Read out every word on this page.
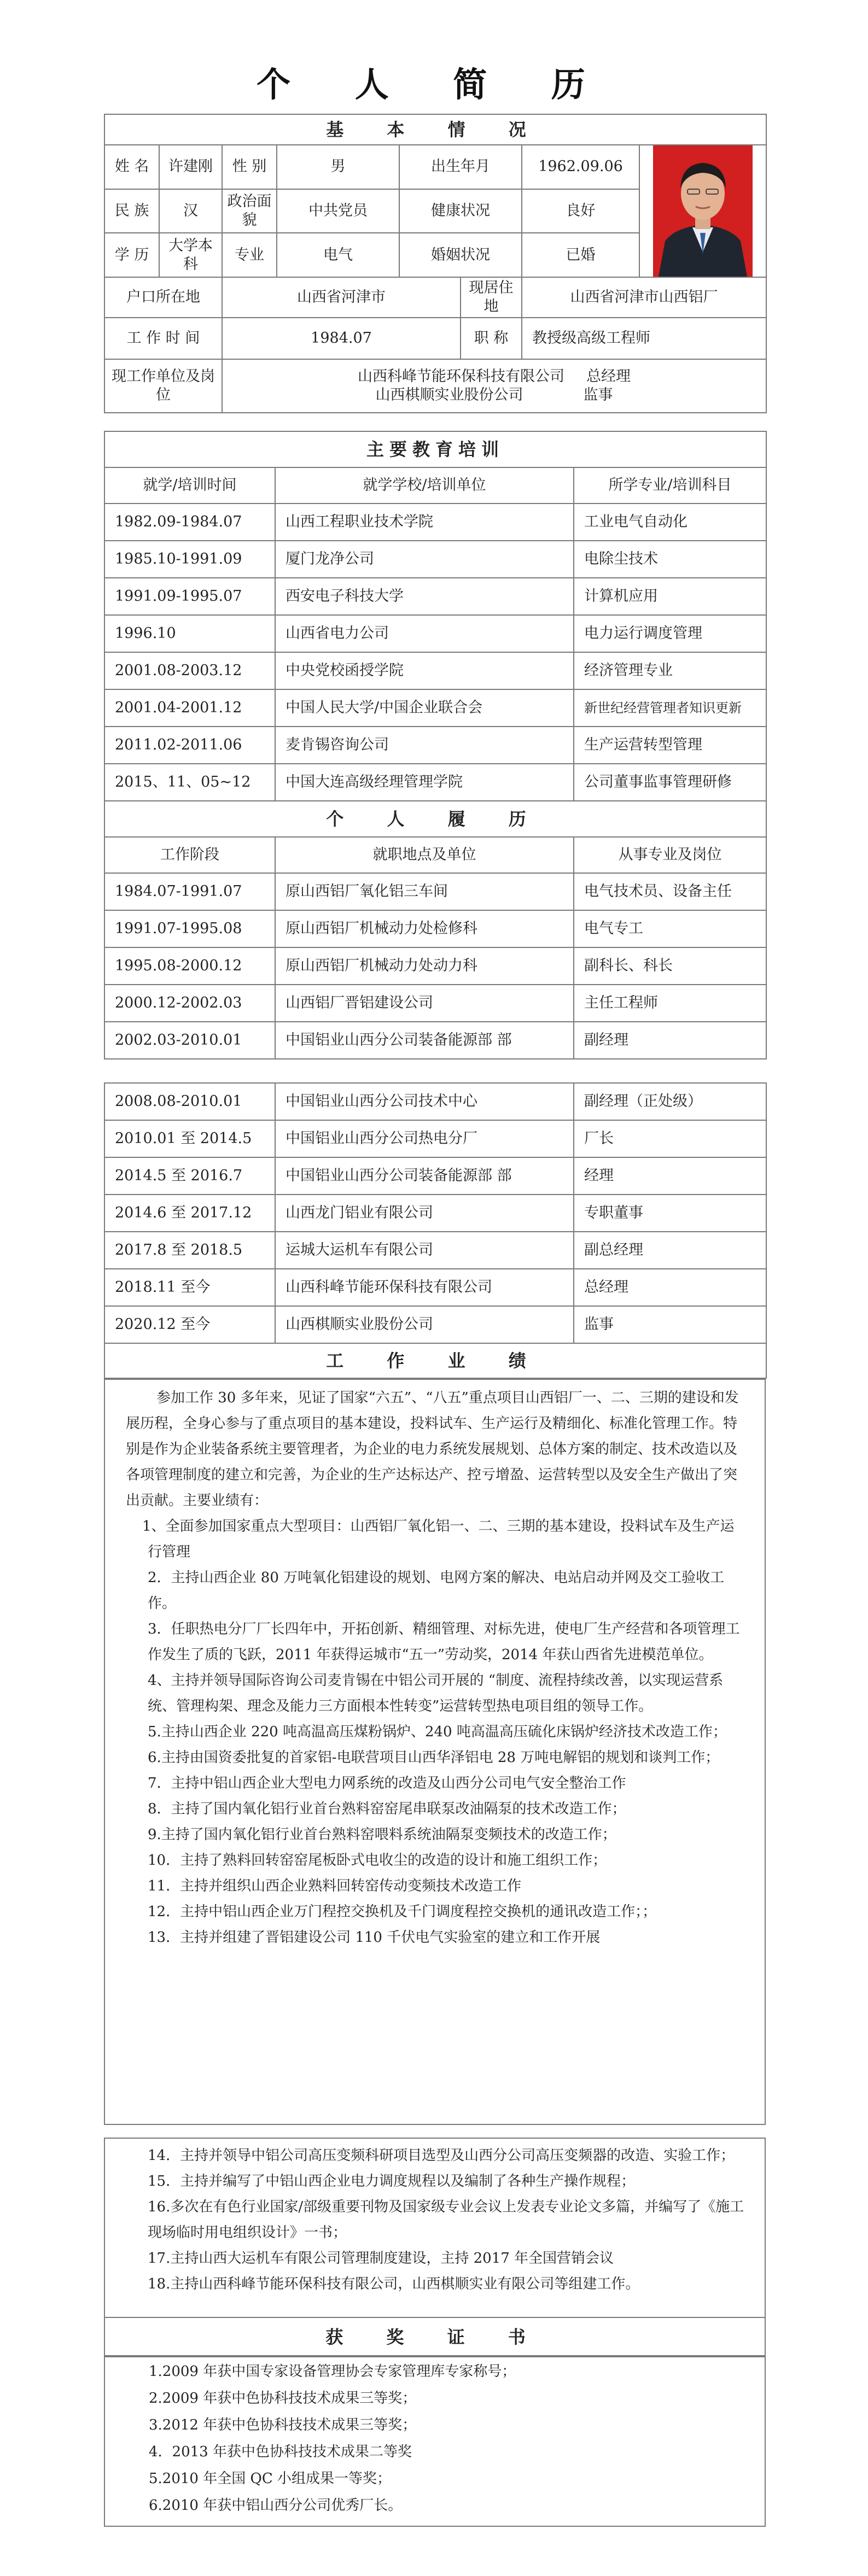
个 人 简 历
基 本 情 况							
姓 名	许建刚	性 别	男	出生年月		1962.09.06	

民 族	汉	政治面貌	中共党员	健康状况		良好	
学 历	大学本科	专业	电气	婚姻状况		已婚	
户口所在地		山西省河津市			现居住地	山西省河津市山西铝厂	
工 作 时 间		1984.07			职 称	教授级高级工程师	
现工作单位及岗位		山西科峰节能环保科技有限公司 总经理
山西棋顺实业股份公司 监事					
主要教育培训		
就学/培训时间	就学学校/培训单位	所学专业/培训科目
1982.09-1984.07	山西工程职业技术学院	工业电气自动化
1985.10-1991.09	厦门龙净公司	电除尘技术
1991.09-1995.07	西安电子科技大学	计算机应用
1996.10	山西省电力公司	电力运行调度管理
2001.08-2003.12	中央党校函授学院	经济管理专业
2001.04-2001.12	中国人民大学/中国企业联合会	新世纪经营管理者知识更新
2011.02-2011.06	麦肯锡咨询公司	生产运营转型管理
2015、11、05~12	中国大连高级经理管理学院	公司董事监事管理研修
个 人 履 历		
工作阶段	就职地点及单位	从事专业及岗位
1984.07-1991.07	原山西铝厂氧化铝三车间	电气技术员、设备主任
1991.07-1995.08	原山西铝厂机械动力处检修科	电气专工
1995.08-2000.12	原山西铝厂机械动力处动力科	副科长、科长
2000.12-2002.03	山西铝厂晋铝建设公司	主任工程师
2002.03-2010.01	中国铝业山西分公司装备能源部 部	副经理
2008.08-2010.01	中国铝业山西分公司技术中心	副经理（正处级）
2010.01 至 2014.5	中国铝业山西分公司热电分厂	厂长
2014.5 至 2016.7	中国铝业山西分公司装备能源部 部	经理
2014.6 至 2017.12	山西龙门铝业有限公司	专职董事
2017.8 至 2018.5	运城大运机车有限公司	副总经理
2018.11 至今	山西科峰节能环保科技有限公司	总经理
2020.12 至今	山西棋顺实业股份公司	监事
工 作 业 绩		

参加工作 30 多年来，见证了国家“六五”、“八五”重点项目山西铝厂一、二、三期的建设和发展历程，全身心参与了重点项目的基本建设，投料试车、生产运行及精细化、标准化管理工作。特别是作为企业装备系统主要管理者，为企业的电力系统发展规划、总体方案的制定、技术改造以及各项管理制度的建立和完善，为企业的生产达标达产、控亏增盈、运营转型以及安全生产做出了突出贡献。主要业绩有：

1、全面参加国家重点大型项目：山西铝厂氧化铝一、二、三期的基本建设，投料试车及生产运行管理

2．主持山西企业 80 万吨氧化铝建设的规划、电网方案的解决、电站启动并网及交工验收工作。

3．任职热电分厂厂长四年中，开拓创新、精细管理、对标先进，使电厂生产经营和各项管理工作发生了质的飞跃，2011 年获得运城市“五一”劳动奖，2014 年获山西省先进模范单位。

4、主持并领导国际咨询公司麦肯锡在中铝公司开展的 “制度、流程持续改善，以实现运营系统、管理构架、理念及能力三方面根本性转变”运营转型热电项目组的领导工作。

5.主持山西企业 220 吨高温高压煤粉锅炉、240 吨高温高压硫化床锅炉经济技术改造工作；

6.主持由国资委批复的首家铝-电联营项目山西华泽铝电 28 万吨电解铝的规划和谈判工作；

7．主持中铝山西企业大型电力网系统的改造及山西分公司电气安全整治工作

8．主持了国内氧化铝行业首台熟料窑窑尾串联泵改油隔泵的技术改造工作；

9.主持了国内氧化铝行业首台熟料窑喂料系统油隔泵变频技术的改造工作；

10．主持了熟料回转窑窑尾板卧式电收尘的改造的设计和施工组织工作；

11．主持并组织山西企业熟料回转窑传动变频技术改造工作

12．主持中铝山西企业万门程控交换机及千门调度程控交换机的通讯改造工作；；

13．主持并组建了晋铝建设公司 110 千伏电气实验室的建立和工作开展

14．主持并领导中铝公司高压变频科研项目选型及山西分公司高压变频器的改造、实验工作；

15．主持并编写了中铝山西企业电力调度规程以及编制了各种生产操作规程；

16.多次在有色行业国家/部级重要刊物及国家级专业会议上发表专业论文多篇，并编写了《施工现场临时用电组织设计》一书；

17.主持山西大运机车有限公司管理制度建设，主持 2017 年全国营销会议

18.主持山西科峰节能环保科技有限公司，山西棋顺实业有限公司等组建工作。

获 奖 证 书

1.2009 年获中国专家设备管理协会专家管理库专家称号；

2.2009 年获中色协科技技术成果三等奖；

3.2012 年获中色协科技技术成果三等奖；

4．2013 年获中色协科技技术成果二等奖

5.2010 年全国 QC 小组成果一等奖；

6.2010 年获中铝山西分公司优秀厂长。
